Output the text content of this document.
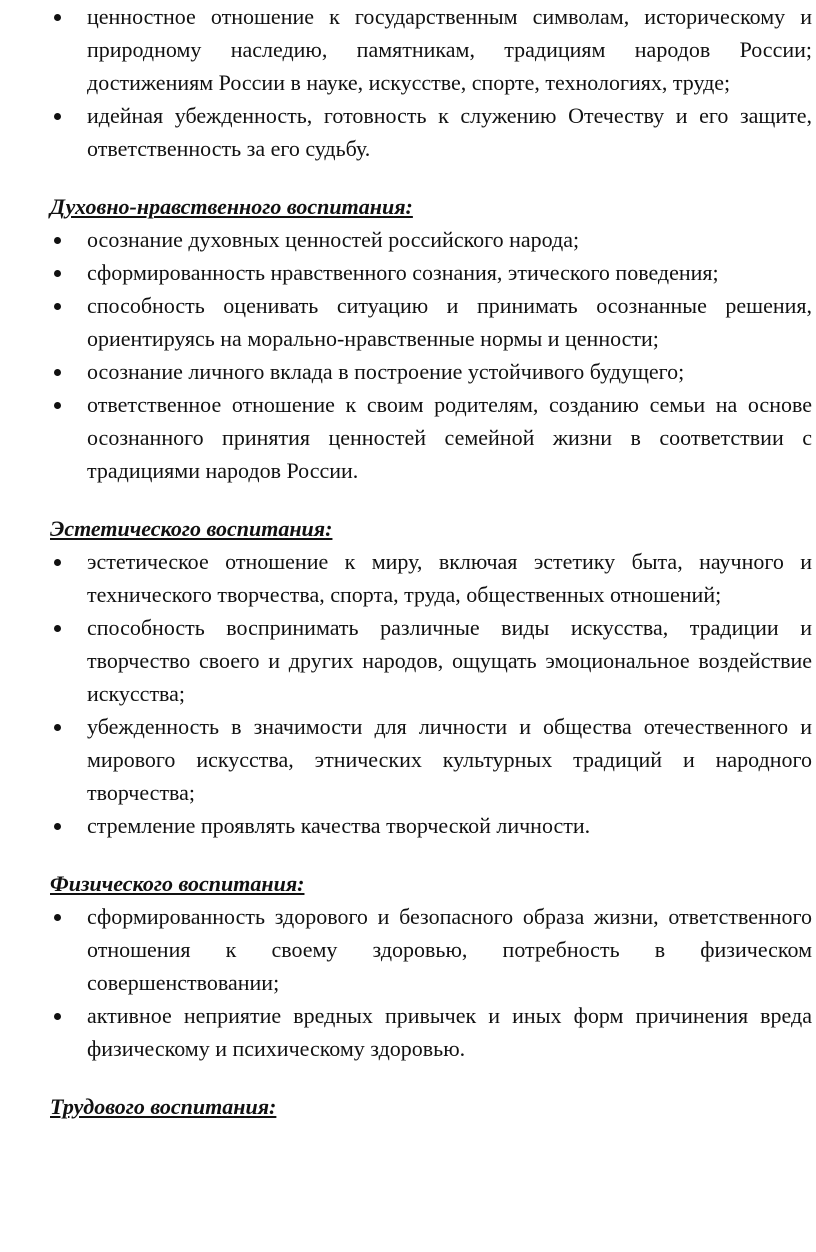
ценностное отношение к государственным символам, историческому и природному наследию, памятникам, традициям народов России; достижениям России в науке, искусстве, спорте, технологиях, труде;
идейная убежденность, готовность к служению Отечеству и его защите, ответственность за его судьбу.

Духовно-нравственного воспитания:

осознание духовных ценностей российского народа;
сформированность нравственного сознания, этического поведения;
способность оценивать ситуацию и принимать осознанные решения, ориентируясь на морально-нравственные нормы и ценности;
осознание личного вклада в построение устойчивого будущего;
ответственное отношение к своим родителям, созданию семьи на основе осознанного принятия ценностей семейной жизни в соответствии с традициями народов России.

Эстетического воспитания:

эстетическое отношение к миру, включая эстетику быта, научного и технического творчества, спорта, труда, общественных отношений;
способность воспринимать различные виды искусства, традиции и творчество своего и других народов, ощущать эмоциональное воздействие искусства;
убежденность в значимости для личности и общества отечественного и мирового искусства, этнических культурных традиций и народного творчества;
стремление проявлять качества творческой личности.

Физического воспитания:

сформированность здорового и безопасного образа жизни, ответственного отношения к своему здоровью, потребность в физическом совершенствовании;
активное неприятие вредных привычек и иных форм причинения вреда физическому и психическому здоровью.

Трудового воспитания:
